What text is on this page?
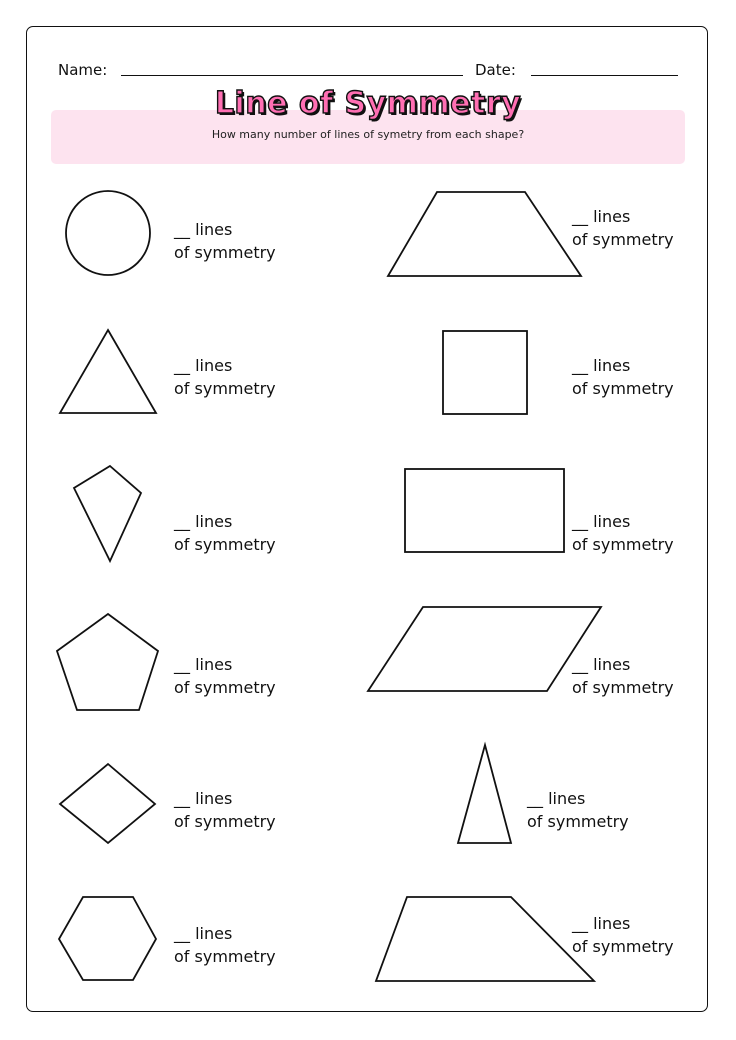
Name:	Date:
Line of Symmetry
How many number of lines of symetry from each shape?
__ lines
of symmetry
__ lines
of symmetry
__ lines
of symmetry
__ lines
of symmetry
__ lines
of symmetry
__ lines
of symmetry
__ lines
of symmetry
__ lines
of symmetry
__ lines
of symmetry
__ lines
of symmetry
__ lines
of symmetry
__ lines
of symmetry
